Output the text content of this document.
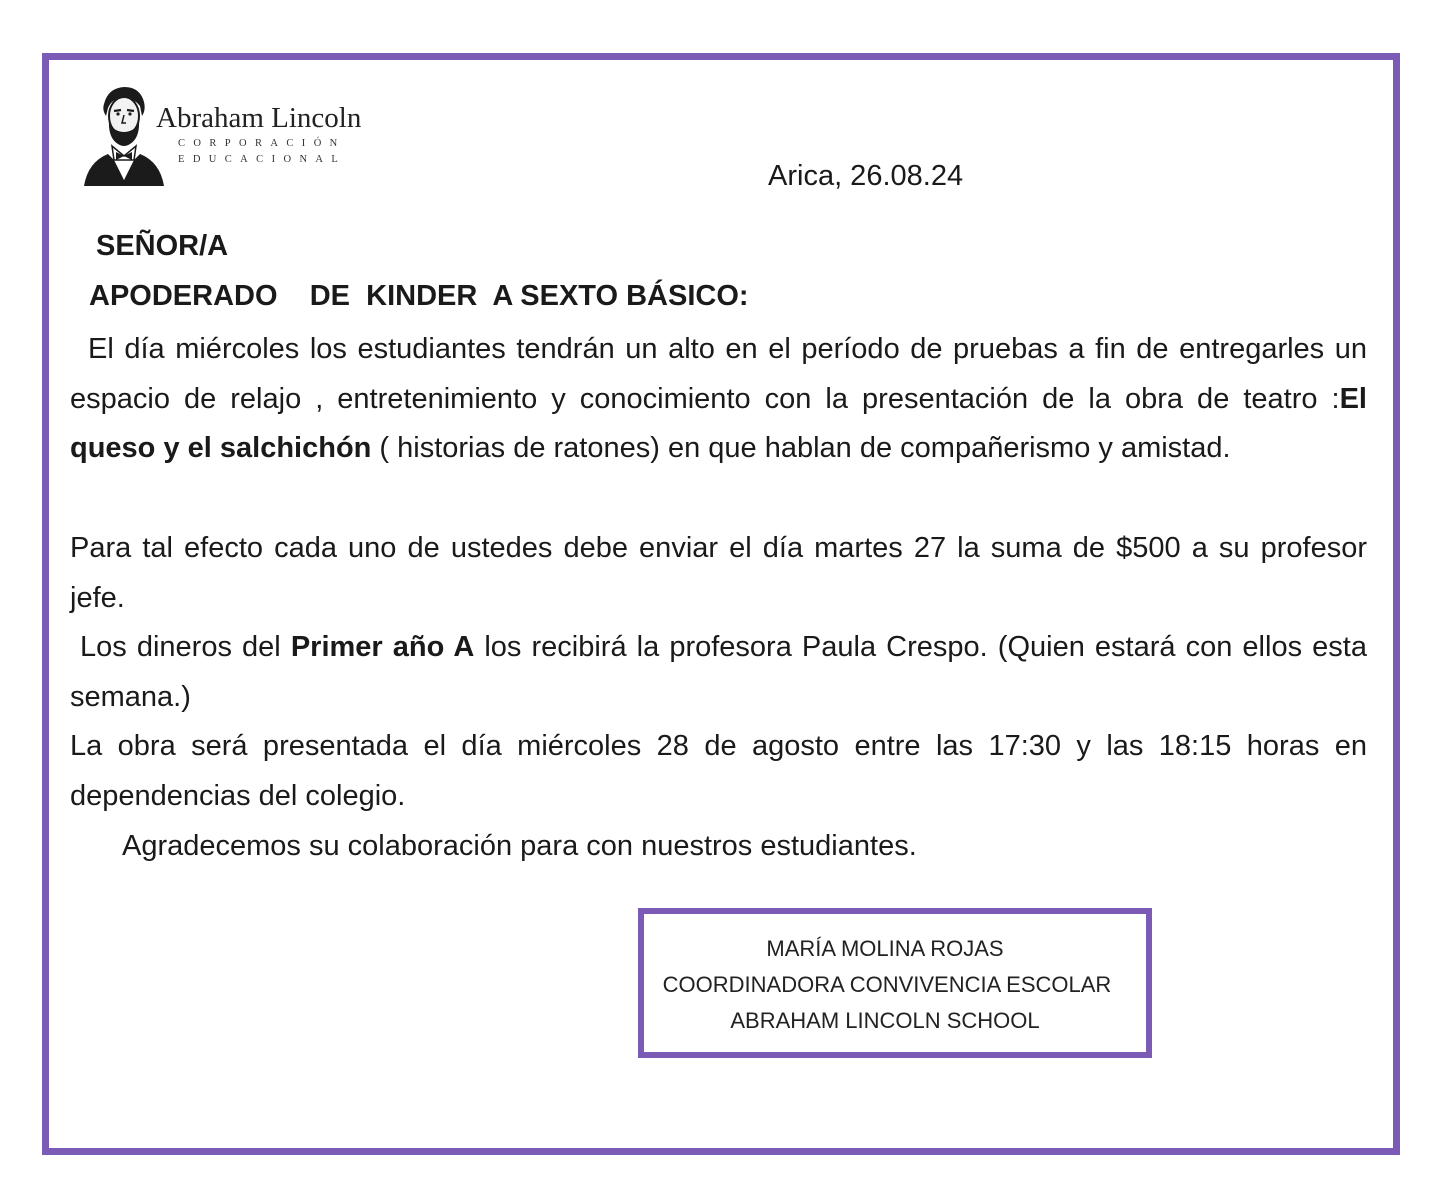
Abraham Lincoln
CORPORACIÓN
EDUCACIONAL
Arica, 26.08.24
SEÑOR/A
APODERADO    DE  KINDER  A SEXTO BÁSICO:
El día miércoles los estudiantes tendrán un alto en el período de pruebas a fin de entregarles un espacio de relajo , entretenimiento y conocimiento con la presentación de la obra de teatro :El queso y el salchichón ( historias de ratones) en que hablan de compañerismo y amistad.
Para tal efecto cada uno de ustedes debe enviar el día martes 27 la suma de $500 a su profesor jefe.
Los dineros del Primer año A los recibirá la profesora Paula Crespo. (Quien estará con ellos esta semana.)
La obra será presentada el día miércoles 28 de agosto entre las 17:30 y las 18:15 horas en dependencias del colegio.
Agradecemos su colaboración para con nuestros estudiantes.
MARÍA MOLINA ROJAS
COORDINADORA CONVIVENCIA ESCOLAR
ABRAHAM LINCOLN SCHOOL
